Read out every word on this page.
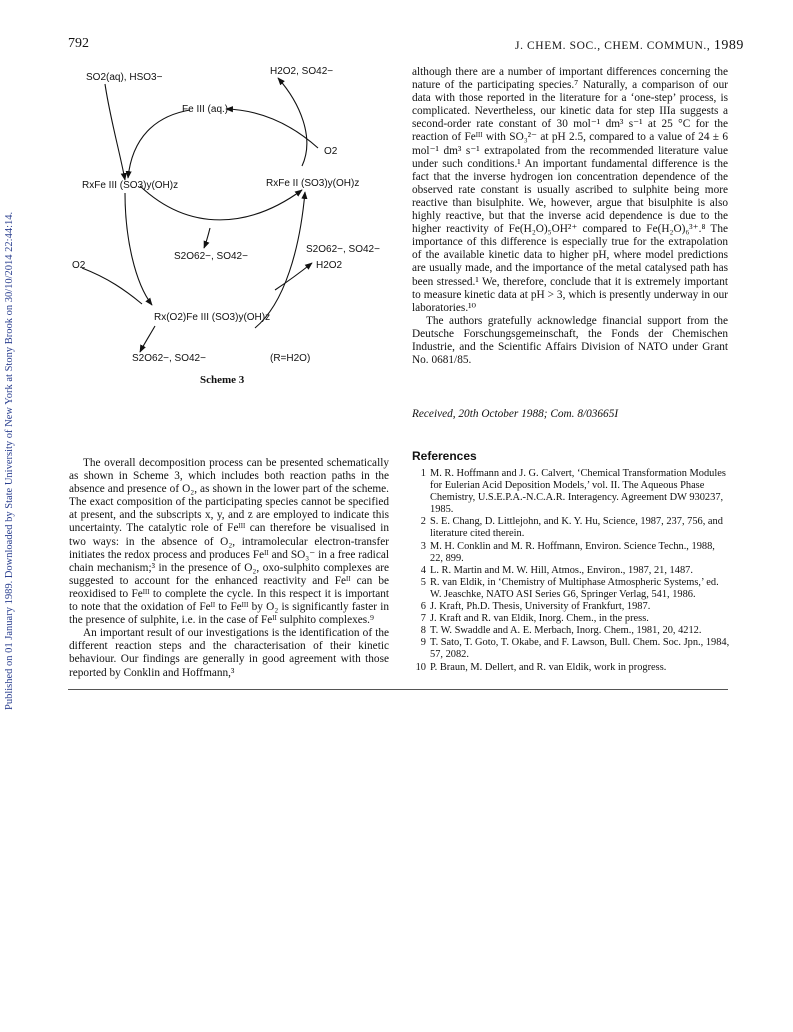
792	J. CHEM. SOC., CHEM. COMMUN., 1989
Published on 01 January 1989. Downloaded by State University of New York at Stony Brook on 30/10/2014 22:44:14.
SO2(aq), HSO3−
H2O2, SO42−
Fe III (aq.)
O2
RxFe III (SO3)y(OH)z	RxFe II (SO3)y(OH)z
O2
S2O62−, SO42−
S2O62−, SO42−
H2O2
Rx(O2)Fe III (SO3)y(OH)z
S2O62−, SO42−	(R=H2O)
Scheme 3

The overall decomposition process can be presented schematically as shown in Scheme 3, which includes both reaction paths in the absence and presence of O₂, as shown in the lower part of the scheme. The exact composition of the participating species cannot be specified at present, and the subscripts x, y, and z are employed to indicate this uncertainty. The catalytic role of Feᴵᴵᴵ can therefore be visualised in two ways: in the absence of O₂, intramolecular electron-transfer initiates the redox process and produces Feᴵᴵ and SO₃⁻ in a free radical chain mechanism;³ in the presence of O₂, oxo-sulphito complexes are suggested to account for the enhanced reactivity and Feᴵᴵ can be reoxidised to Feᴵᴵᴵ to complete the cycle. In this respect it is important to note that the oxidation of Feᴵᴵ to Feᴵᴵᴵ by O₂ is significantly faster in the presence of sulphite, i.e. in the case of Feᴵᴵ sulphito complexes.⁹

An important result of our investigations is the identification of the different reaction steps and the characterisation of their kinetic behaviour. Our findings are generally in good agreement with those reported by Conklin and Hoffmann,³

although there are a number of important differences concerning the nature of the participating species.⁷ Naturally, a comparison of our data with those reported in the literature for a ‘one-step’ process, is complicated. Nevertheless, our kinetic data for step IIIa suggests a second-order rate constant of 30 mol⁻¹ dm³ s⁻¹ at 25 °C for the reaction of Feᴵᴵᴵ with SO₃²⁻ at pH 2.5, compared to a value of 24 ± 6 mol⁻¹ dm³ s⁻¹ extrapolated from the recommended literature value under such conditions.¹ An important fundamental difference is the fact that the inverse hydrogen ion concentration dependence of the observed rate constant is usually ascribed to sulphite being more reactive than bisulphite. We, however, argue that bisulphite is also highly reactive, but that the inverse acid dependence is due to the higher reactivity of Fe(H₂O)₅OH²⁺ compared to Fe(H₂O)₆³⁺.⁸ The importance of this difference is especially true for the extrapolation of the available kinetic data to higher pH, where model predictions are usually made, and the importance of the metal catalysed path has been stressed.¹ We, therefore, conclude that it is extremely important to measure kinetic data at pH > 3, which is presently underway in our laboratories.¹⁰

The authors gratefully acknowledge financial support from the Deutsche Forschungsgemeinschaft, the Fonds der Chemischen Industrie, and the Scientific Affairs Division of NATO under Grant No. 0681/85.

Received, 20th October 1988; Com. 8/03665I
References
1 M. R. Hoffmann and J. G. Calvert, ‘Chemical Transformation Modules for Eulerian Acid Deposition Models,’ vol. II. The Aqueous Phase Chemistry, U.S.E.P.A.-N.C.A.R. Interagency. Agreement DW 930237, 1985.
2 S. E. Chang, D. Littlejohn, and K. Y. Hu, Science, 1987, 237, 756, and literature cited therein.
3 M. H. Conklin and M. R. Hoffmann, Environ. Science Techn., 1988, 22, 899.
4 L. R. Martin and M. W. Hill, Atmos., Environ., 1987, 21, 1487.
5 R. van Eldik, in ‘Chemistry of Multiphase Atmospheric Systems,’ ed. W. Jeaschke, NATO ASI Series G6, Springer Verlag, 541, 1986.
6 J. Kraft, Ph.D. Thesis, University of Frankfurt, 1987.
7 J. Kraft and R. van Eldik, Inorg. Chem., in the press.
8 T. W. Swaddle and A. E. Merbach, Inorg. Chem., 1981, 20, 4212.
9 T. Sato, T. Goto, T. Okabe, and F. Lawson, Bull. Chem. Soc. Jpn., 1984, 57, 2082.
10 P. Braun, M. Dellert, and R. van Eldik, work in progress.
